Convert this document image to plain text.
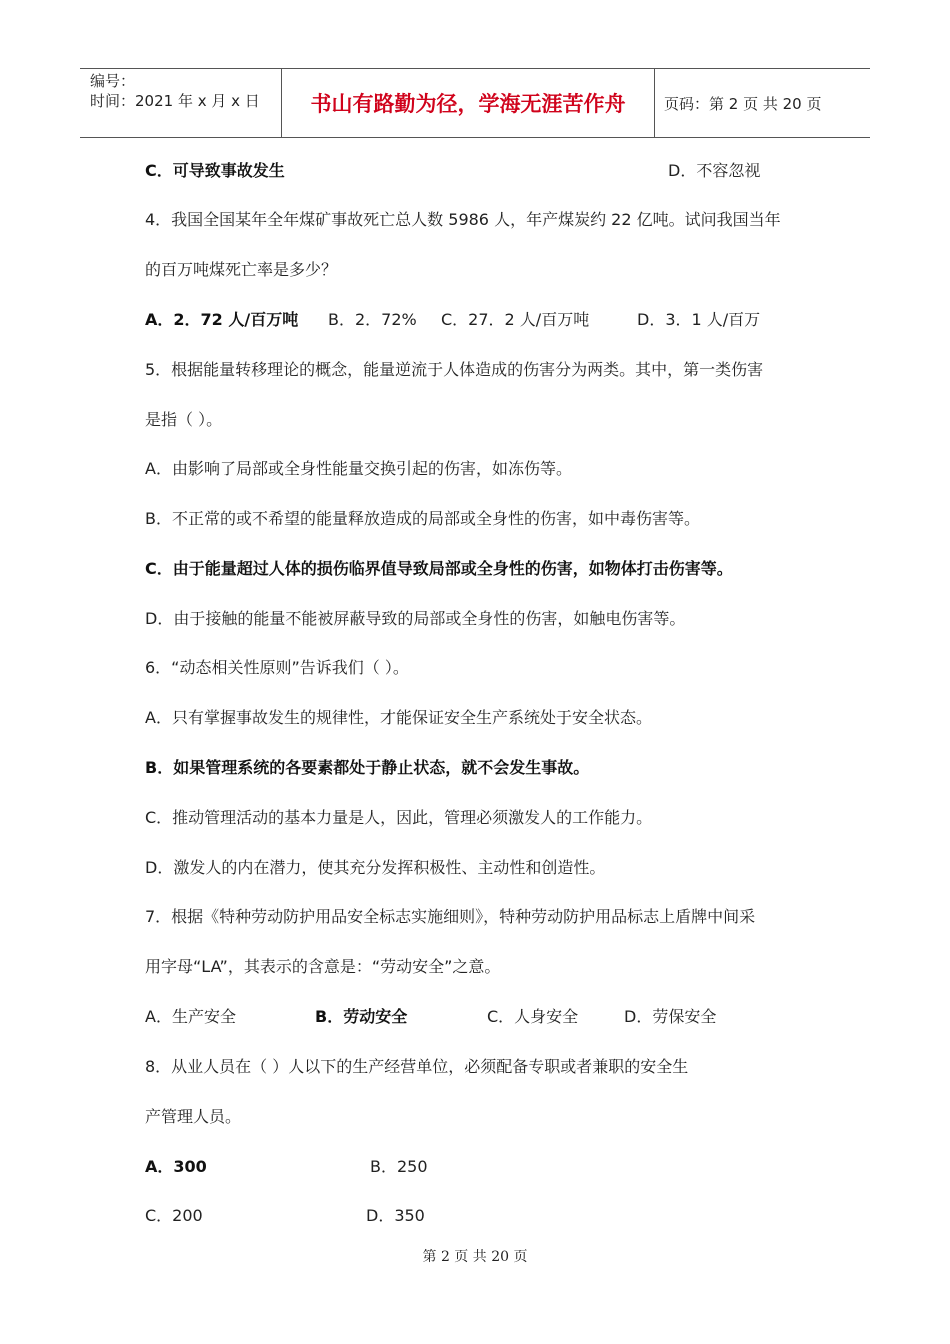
编号：
时间：2021 年 x 月 x 日	书山有路勤为径，学海无涯苦作舟	页码：第 2 页 共 20 页
C．可导致事故发生	D．不容忽视
4．我国全国某年全年煤矿事故死亡总人数 5986 人，年产煤炭约 22 亿吨。试问我国当年
的百万吨煤死亡率是多少？
A．2．72 人/百万吨 B．2．72% C．27．2 人/百万吨	D．3．1 人/百万
5．根据能量转移理论的概念，能量逆流于人体造成的伤害分为两类。其中，第一类伤害
是指（ ）。
A．由影响了局部或全身性能量交换引起的伤害，如冻伤等。
B．不正常的或不希望的能量释放造成的局部或全身性的伤害，如中毒伤害等。
C．由于能量超过人体的损伤临界值导致局部或全身性的伤害，如物体打击伤害等。
D．由于接触的能量不能被屏蔽导致的局部或全身性的伤害，如触电伤害等。
6．“动态相关性原则”告诉我们（ ）。
A．只有掌握事故发生的规律性，才能保证安全生产系统处于安全状态。
B．如果管理系统的各要素都处于静止状态，就不会发生事故。
C．推动管理活动的基本力量是人，因此，管理必须激发人的工作能力。
D．激发人的内在潜力，使其充分发挥积极性、主动性和创造性。
7．根据《特种劳动防护用品安全标志实施细则》，特种劳动防护用品标志上盾牌中间采
用字母“LA”，其表示的含意是：“劳动安全”之意。
A．生产安全	B．劳动安全	C．人身安全	D．劳保安全
8．从业人员在（ ）人以下的生产经营单位，必须配备专职或者兼职的安全生
产管理人员。
A．300	B．250
C．200	D．350
第 2 页 共 20 页
